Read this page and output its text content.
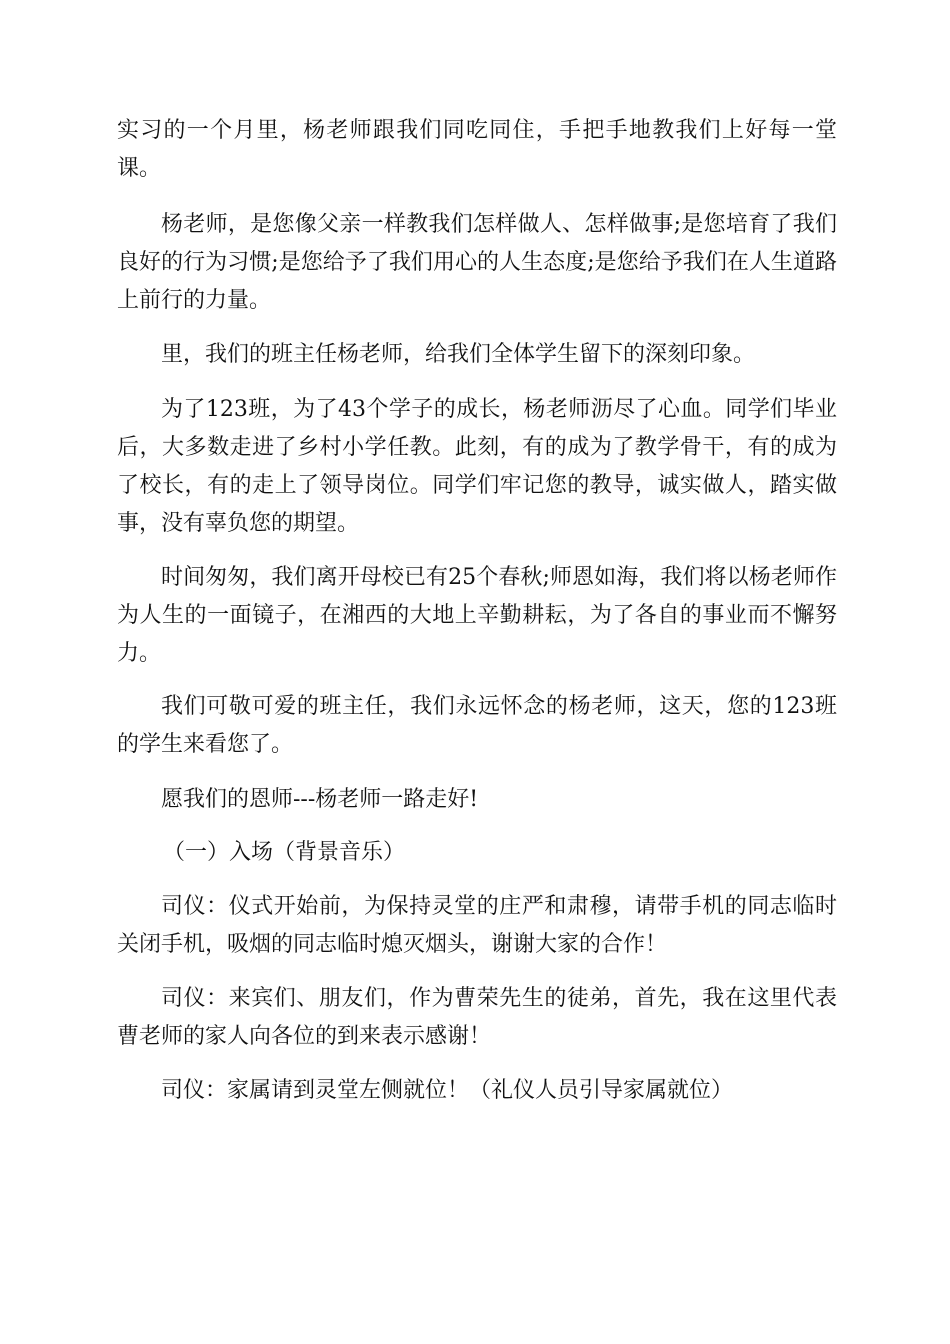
实习的一个月里，杨老师跟我们同吃同住，手把手地教我们上好每一堂课。

杨老师，是您像父亲一样教我们怎样做人、怎样做事;是您培育了我们良好的行为习惯;是您给予了我们用心的人生态度;是您给予我们在人生道路上前行的力量。

里，我们的班主任杨老师，给我们全体学生留下的深刻印象。

为了123班，为了43个学子的成长，杨老师沥尽了心血。同学们毕业后，大多数走进了乡村小学任教。此刻，有的成为了教学骨干，有的成为了校长，有的走上了领导岗位。同学们牢记您的教导，诚实做人，踏实做事，没有辜负您的期望。

时间匆匆，我们离开母校已有25个春秋;师恩如海，我们将以杨老师作为人生的一面镜子，在湘西的大地上辛勤耕耘，为了各自的事业而不懈努力。

我们可敬可爱的班主任，我们永远怀念的杨老师，这天，您的123班的学生来看您了。

愿我们的恩师---杨老师一路走好!

（一）入场（背景音乐）

司仪：仪式开始前，为保持灵堂的庄严和肃穆，请带手机的同志临时关闭手机，吸烟的同志临时熄灭烟头，谢谢大家的合作！

司仪：来宾们、朋友们，作为曹荣先生的徒弟，首先，我在这里代表曹老师的家人向各位的到来表示感谢！

司仪：家属请到灵堂左侧就位！（礼仪人员引导家属就位）
